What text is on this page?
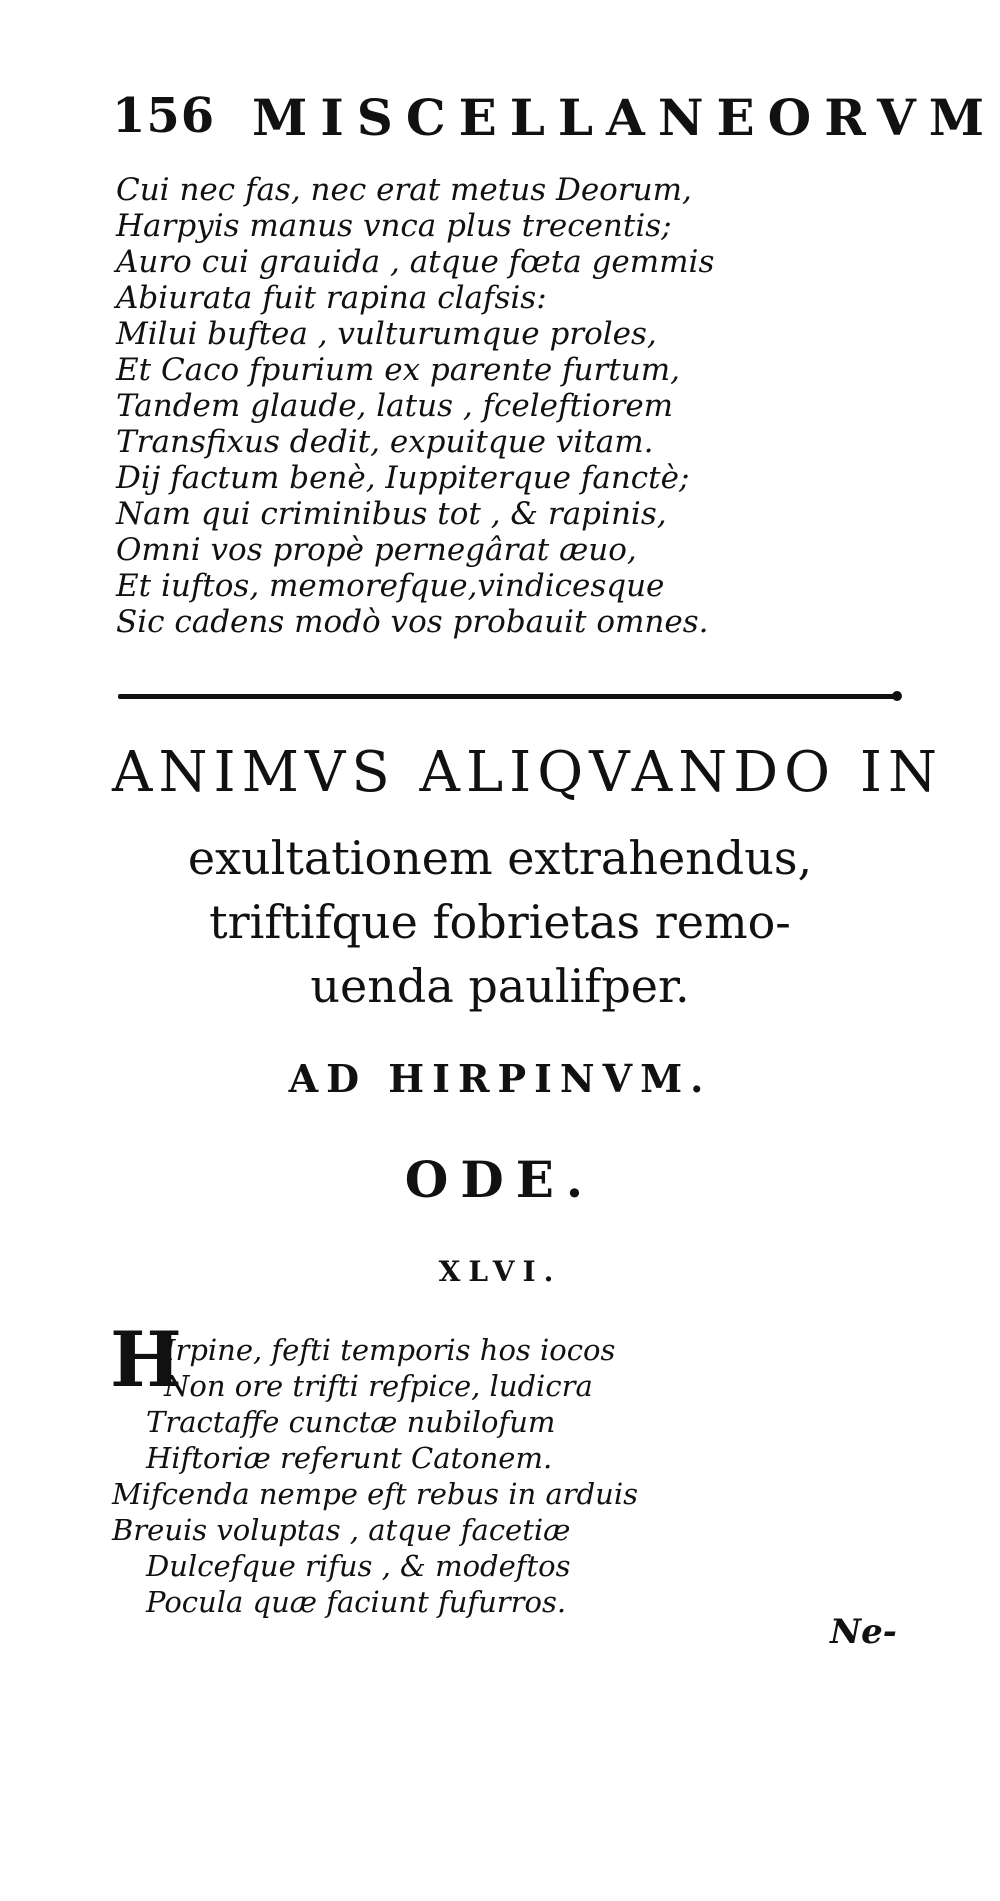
156 MISCELLANEORVM
Cui nec fas, nec erat metus Deorum,
Harpyis manus vnca plus trecentis;
Auro cui grauida , atque fœta gemmis
Abiurata fuit rapina clafsis:
Milui buftea , vulturumque proles,
Et Caco fpurium ex parente furtum,
Tandem glaude, latus , fceleftiorem
Transfixus dedit, expuitque vitam.
Dij factum benè, Iuppiterque fanctè;
Nam qui criminibus tot , & rapinis,
Omni vos propè pernegârat æuo,
Et iuftos, memorefque,vindicesque
Sic cadens modò vos probauit omnes.
ANIMVS ALIQVANDO IN
exultationem extrahendus,
triftifque fobrietas remo-
uenda paulifper.
AD HIRPINVM.
ODE.
XLVI.
H
Irpine, fefti temporis hos iocos
Non ore trifti refpice, ludicra
Tractaffe cunctæ nubilofum
Hiftoriæ referunt Catonem.
Mifcenda nempe eft rebus in arduis
Breuis voluptas , atque facetiæ
Dulcefque rifus , & modeftos
Pocula quæ faciunt fufurros.
Ne-
